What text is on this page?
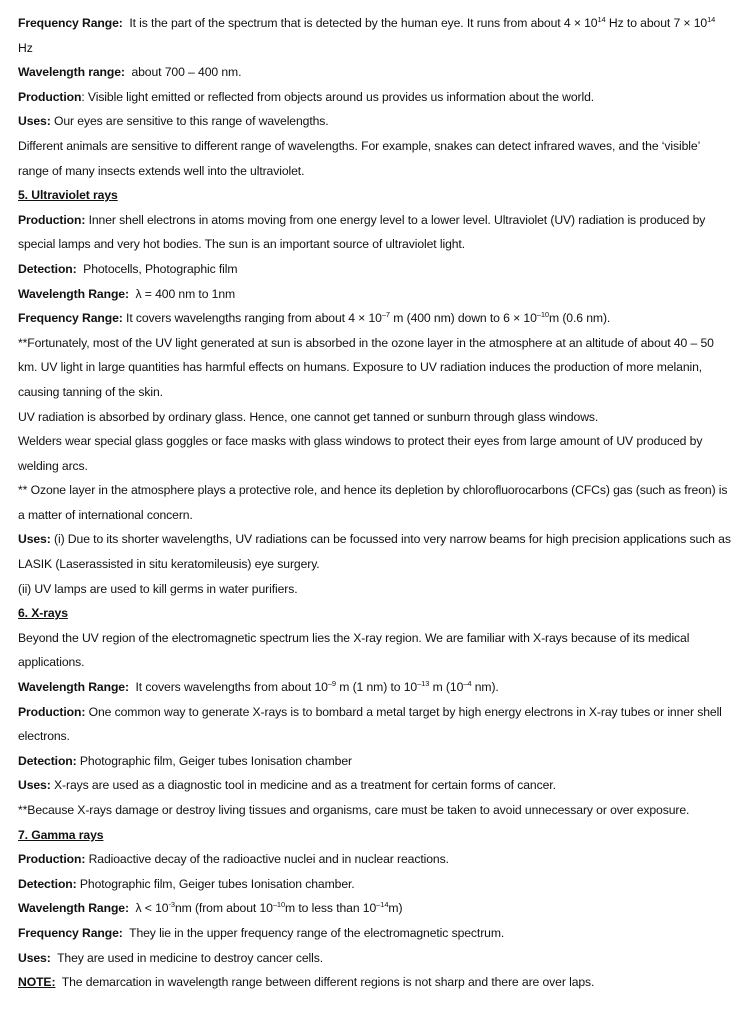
Frequency Range: It is the part of the spectrum that is detected by the human eye. It runs from about $4 \times 10^{14}$ Hz to about $7 \times 10^{14}$ Hz

Wavelength range: about 700 – 400 nm.

Production: Visible light emitted or reflected from objects around us provides us information about the world.

Uses: Our eyes are sensitive to this range of wavelengths.

Different animals are sensitive to different range of wavelengths. For example, snakes can detect infrared waves, and the ‘visible’ range of many insects extends well into the ultraviolet.

5. Ultraviolet rays

Production: Inner shell electrons in atoms moving from one energy level to a lower level. Ultraviolet (UV) radiation is produced by special lamps and very hot bodies. The sun is an important source of ultraviolet light.

Detection: Photocells, Photographic film

Wavelength Range: λ = 400 nm to 1nm

Frequency Range: It covers wavelengths ranging from about $4 \times 10^{-7}$ m (400 nm) down to $6 \times 10^{-10}m$ (0.6 nm).

**Fortunately, most of the UV light generated at sun is absorbed in the ozone layer in the atmosphere at an altitude of about 40 – 50 km. UV light in large quantities has harmful effects on humans. Exposure to UV radiation induces the production of more melanin, causing tanning of the skin.

UV radiation is absorbed by ordinary glass. Hence, one cannot get tanned or sunburn through glass windows.

Welders wear special glass goggles or face masks with glass windows to protect their eyes from large amount of UV produced by welding arcs.

** Ozone layer in the atmosphere plays a protective role, and hence its depletion by chlorofluorocarbons (CFCs) gas (such as freon) is a matter of international concern.

Uses: (i) Due to its shorter wavelengths, UV radiations can be focussed into very narrow beams for high precision applications such as LASIK (Laserassisted in situ keratomileusis) eye surgery.

(ii) UV lamps are used to kill germs in water purifiers.

6. X-rays

Beyond the UV region of the electromagnetic spectrum lies the X-ray region. We are familiar with X-rays because of its medical applications.

Wavelength Range: It covers wavelengths from about $10^{-9}$ m (1 nm) to $10^{-13}$ m ($10^{-4}$ nm).

Production: One common way to generate X-rays is to bombard a metal target by high energy electrons in X-ray tubes or inner shell electrons.

Detection: Photographic film, Geiger tubes Ionisation chamber

Uses: X-rays are used as a diagnostic tool in medicine and as a treatment for certain forms of cancer.

**Because X-rays damage or destroy living tissues and organisms, care must be taken to avoid unnecessary or over exposure.

7. Gamma rays

Production: Radioactive decay of the radioactive nuclei and in nuclear reactions.

Detection: Photographic film, Geiger tubes Ionisation chamber.

Wavelength Range: $\lambda < 10^{-3}nm$ (from about $10^{-10}m$ to less than $10^{-14}m$)

Frequency Range: They lie in the upper frequency range of the electromagnetic spectrum.

Uses: They are used in medicine to destroy cancer cells.

NOTE: The demarcation in wavelength range between different regions is not sharp and there are over laps.
